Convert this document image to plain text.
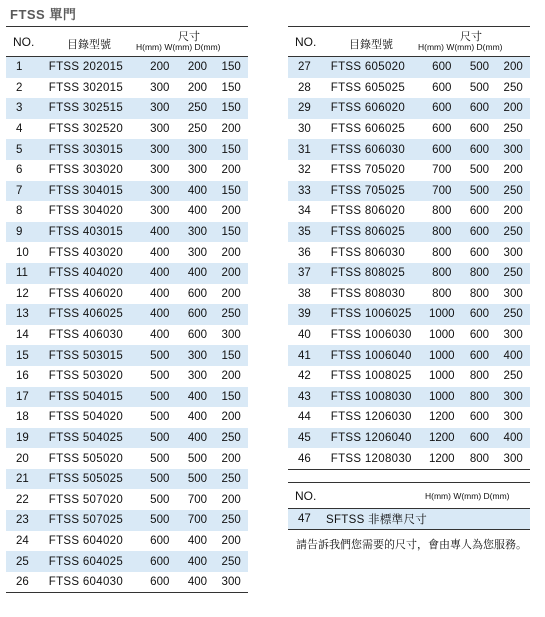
FTSS 單門
NO.	目錄型號
尺寸
H(mm) W(mm) D(mm)
1	FTSS 202015	200	200	150
2	FTSS 302015	300	200	150
3	FTSS 302515	300	250	150
4	FTSS 302520	300	250	200
5	FTSS 303015	300	300	150
6	FTSS 303020	300	300	200
7	FTSS 304015	300	400	150
8	FTSS 304020	300	400	200
9	FTSS 403015	400	300	150
10	FTSS 403020	400	300	200
11	FTSS 404020	400	400	200
12	FTSS 406020	400	600	200
13	FTSS 406025	400	600	250
14	FTSS 406030	400	600	300
15	FTSS 503015	500	300	150
16	FTSS 503020	500	300	200
17	FTSS 504015	500	400	150
18	FTSS 504020	500	400	200
19	FTSS 504025	500	400	250
20	FTSS 505020	500	500	200
21	FTSS 505025	500	500	250
22	FTSS 507020	500	700	200
23	FTSS 507025	500	700	250
24	FTSS 604020	600	400	200
25	FTSS 604025	600	400	250
26	FTSS 604030	600	400	300
NO.	目錄型號
尺寸
H(mm) W(mm) D(mm)
27	FTSS 605020	600	500	200
28	FTSS 605025	600	500	250
29	FTSS 606020	600	600	200
30	FTSS 606025	600	600	250
31	FTSS 606030	600	600	300
32	FTSS 705020	700	500	200
33	FTSS 705025	700	500	250
34	FTSS 806020	800	600	200
35	FTSS 806025	800	600	250
36	FTSS 806030	800	600	300
37	FTSS 808025	800	800	250
38	FTSS 808030	800	800	300
39	FTSS 1006025	1000	600	250
40	FTSS 1006030	1000	600	300
41	FTSS 1006040	1000	600	400
42	FTSS 1008025	1000	800	250
43	FTSS 1008030	1000	800	300
44	FTSS 1206030	1200	600	300
45	FTSS 1206040	1200	600	400
46	FTSS 1208030	1200	800	300
NO.	H(mm) W(mm) D(mm)
47	SFTSS 非標準尺寸
請告訴我們您需要的尺寸，會由專人為您服務。
